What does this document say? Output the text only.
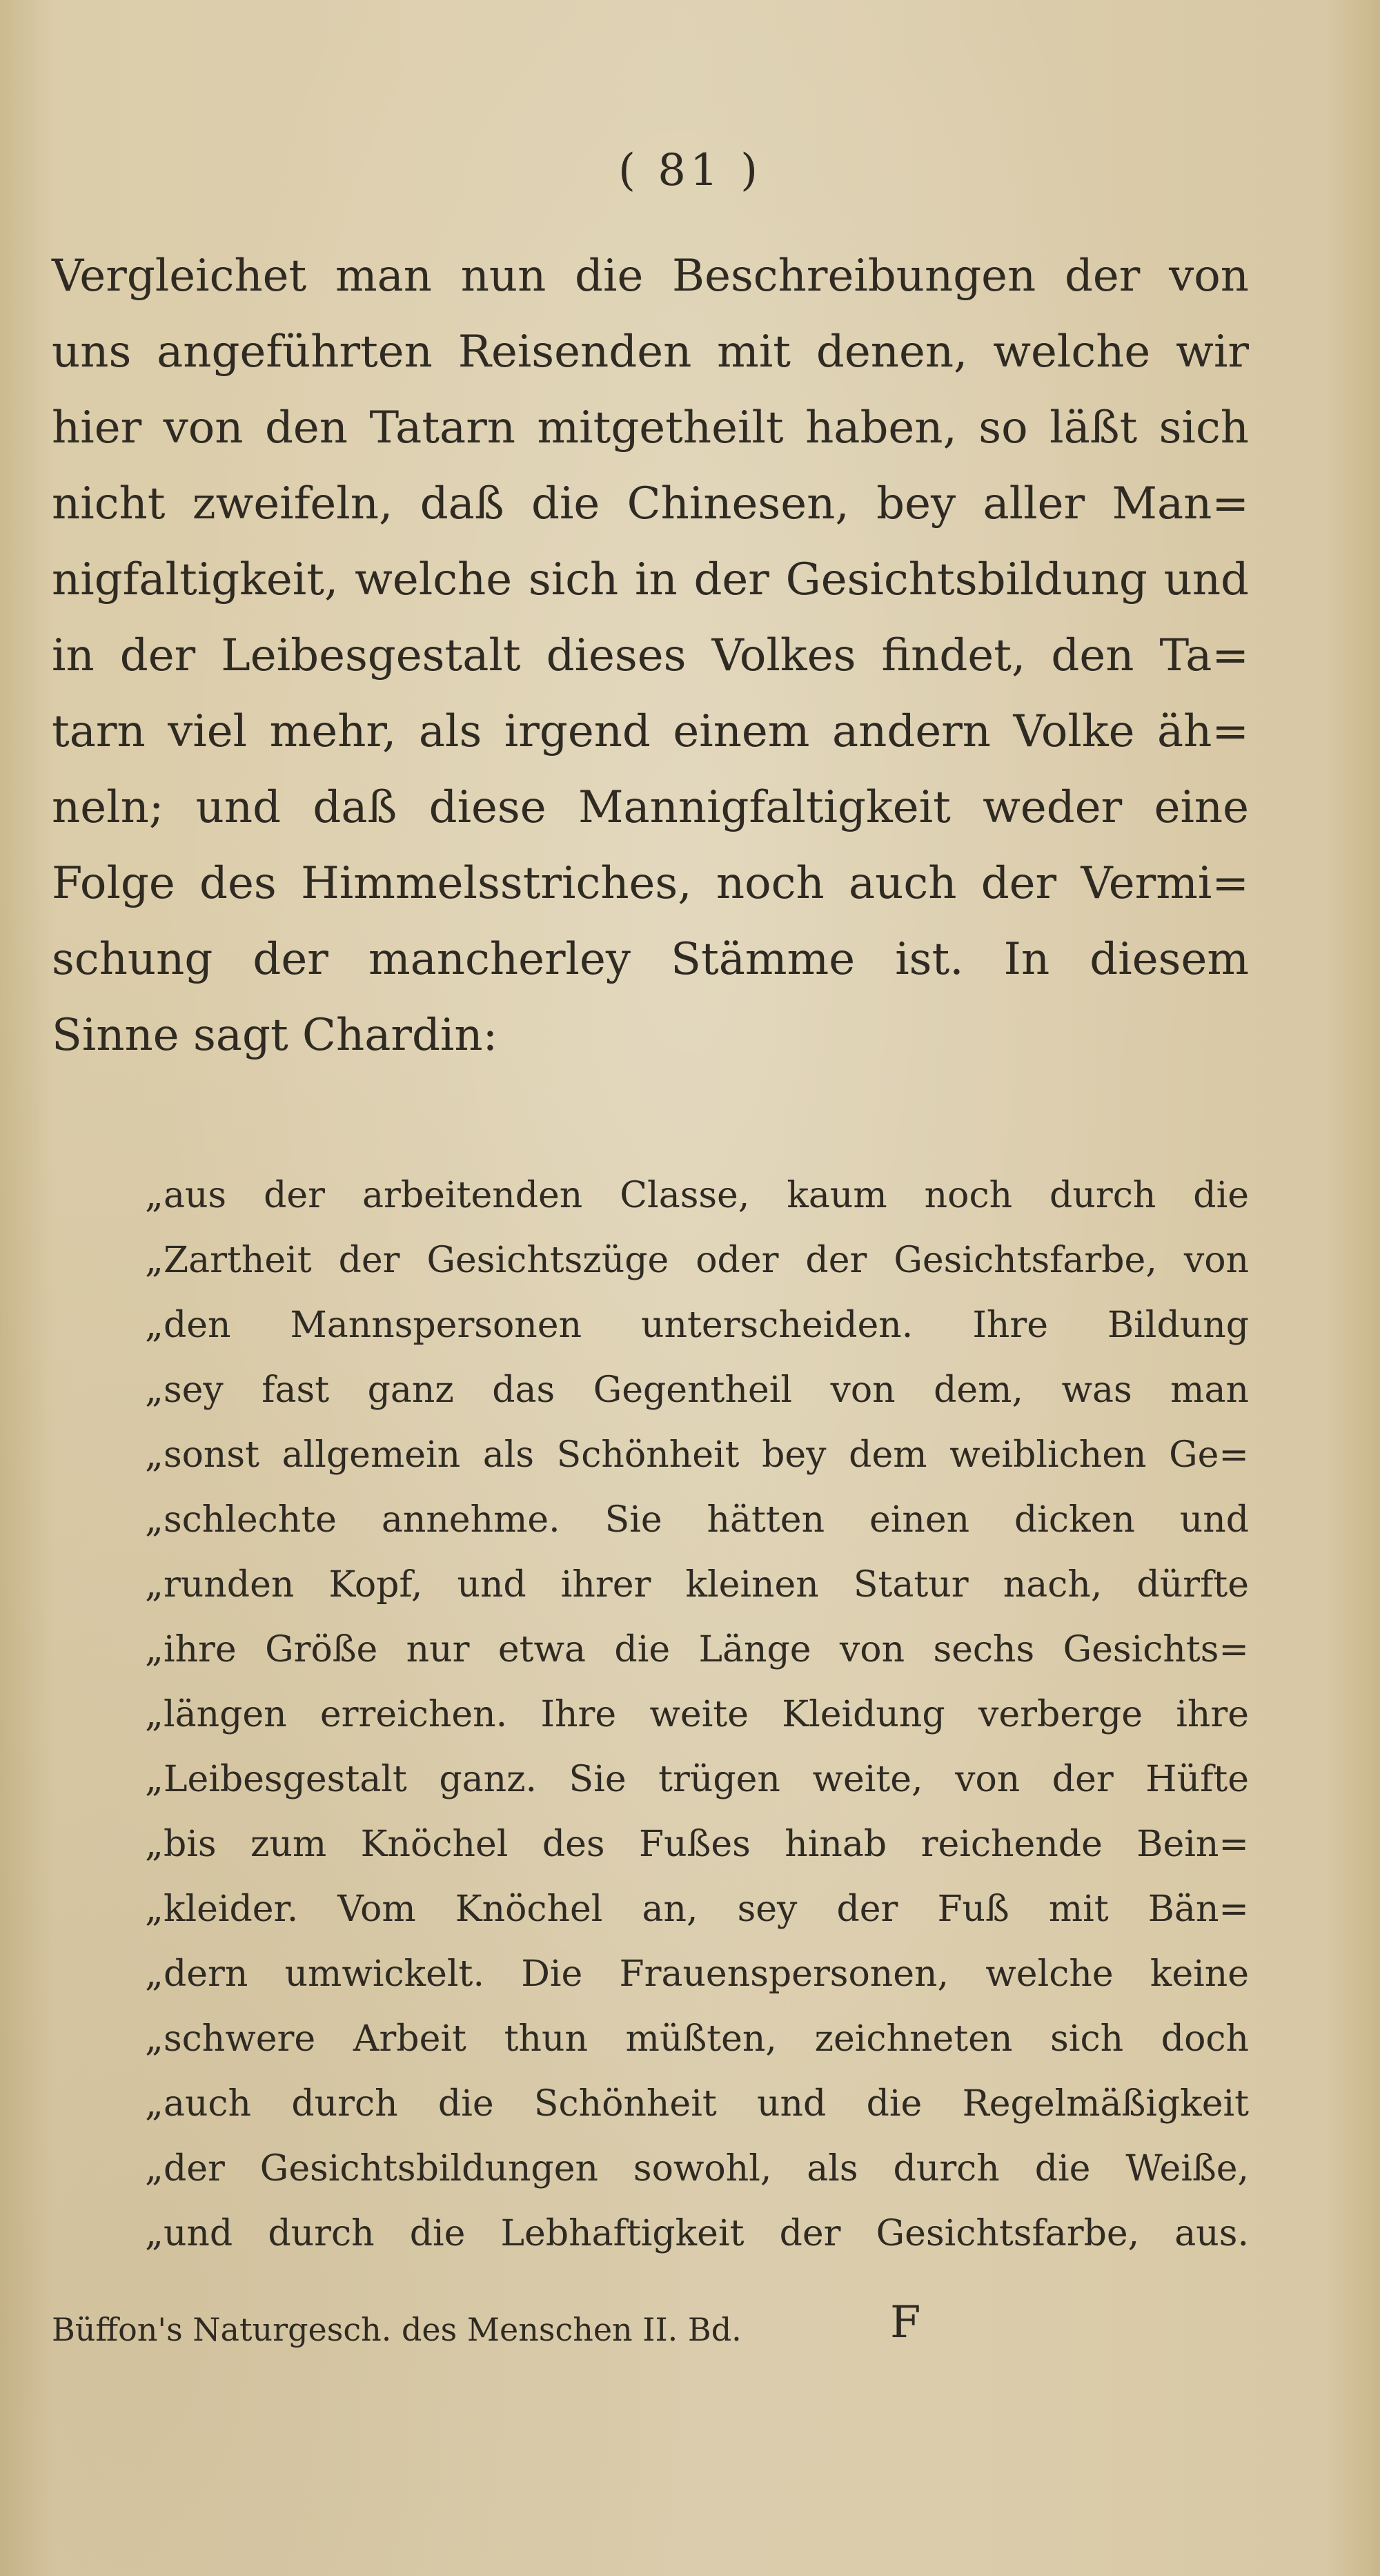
( 81 )
Vergleichet man nun die Beschreibungen der von
uns angeführten Reisenden mit denen, welche wir
hier von den Tatarn mitgetheilt haben, so läßt sich
nicht zweifeln, daß die Chinesen, bey aller Man=
nigfaltigkeit, welche sich in der Gesichtsbildung und
in der Leibesgestalt dieses Volkes findet, den Ta=
tarn viel mehr, als irgend einem andern Volke äh=
neln; und daß diese Mannigfaltigkeit weder eine
Folge des Himmelsstriches, noch auch der Vermi=
schung der mancherley Stämme ist. In diesem
Sinne sagt Chardin:
„aus der arbeitenden Classe, kaum noch durch die
„Zartheit der Gesichtszüge oder der Gesichtsfarbe, von
„den Mannspersonen unterscheiden. Ihre Bildung
„sey fast ganz das Gegentheil von dem, was man
„sonst allgemein als Schönheit bey dem weiblichen Ge=
„schlechte annehme. Sie hätten einen dicken und
„runden Kopf, und ihrer kleinen Statur nach, dürfte
„ihre Größe nur etwa die Länge von sechs Gesichts=
„längen erreichen. Ihre weite Kleidung verberge ihre
„Leibesgestalt ganz. Sie trügen weite, von der Hüfte
„bis zum Knöchel des Fußes hinab reichende Bein=
„kleider. Vom Knöchel an, sey der Fuß mit Bän=
„dern umwickelt. Die Frauenspersonen, welche keine
„schwere Arbeit thun müßten, zeichneten sich doch
„auch durch die Schönheit und die Regelmäßigkeit
„der Gesichtsbildungen sowohl, als durch die Weiße,
„und durch die Lebhaftigkeit der Gesichtsfarbe, aus.
Büffon's Naturgesch. des Menschen II. Bd.	F
